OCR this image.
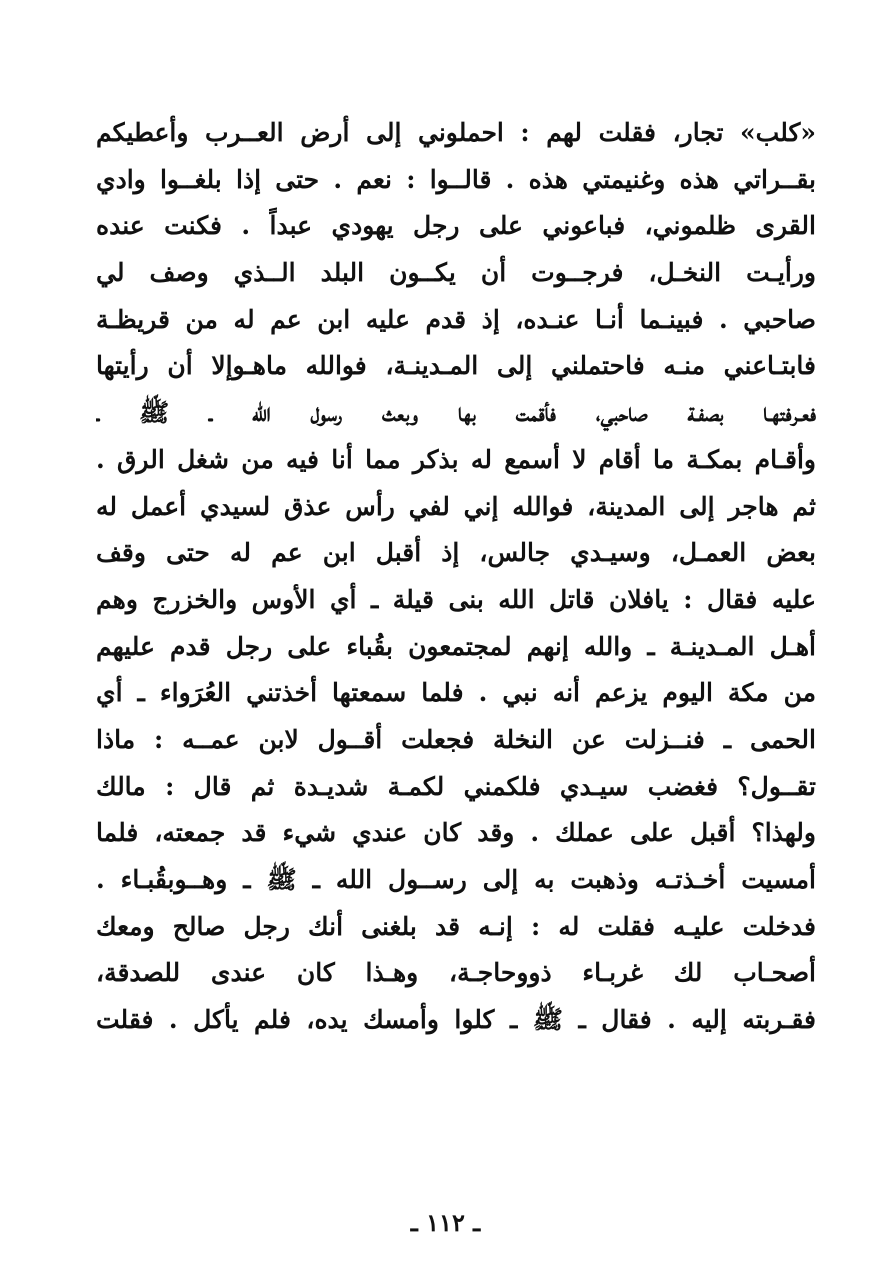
«كلب» تجار، فقلت لهم : احملوني إلى أرض العــرب وأعطيكم
بقــراتي هذه وغنيمتي هذه . قالــوا : نعم . حتى إذا بلغــوا وادي
القرى ظلموني، فباعوني على رجل يهودي عبداً . فكنت عنده
ورأيـت النخـل، فرجــوت أن يكــون البلد الــذي وصف لي
صاحبي . فبينـما أنـا عنـده، إذ قدم عليه ابن عم له من قريظـة
فابتـاعني منـه فاحتملني إلى المـدينـة، فوالله ماهـوإلا أن رأيتها
فعـرفتهـا بصفـة صاحبي، فأقمت بها وبعث رسول الله ـ ﷺ ـ
وأقـام بمكـة ما أقام لا أسمع له بذكر مما أنا فيه من شغل الرق .
ثم هاجر إلى المدينة، فوالله إني لفي رأس عذق لسيدي أعمل له
بعض العمـل، وسيـدي جالس، إذ أقبل ابن عم له حتى وقف
عليه فقال : يافلان قاتل الله بنى قيلة ـ أي الأوس والخزرج وهم
أهـل المـدينـة ـ والله إنهم لمجتمعون بقُباء على رجل قدم عليهم
من مكة اليوم يزعم أنه نبي . فلما سمعتها أخذتني العُرَواء ـ أي
الحمى ـ فنــزلت عن النخلة فجعلت أقــول لابن عمــه : ماذا
تقــول؟ فغضب سيـدي فلكمني لكمـة شديـدة ثم قال : مالك
ولهذا؟ أقبل على عملك . وقد كان عندي شيء قد جمعته، فلما
أمسيت أخـذتـه وذهبت به إلى رســول الله ـ ﷺ ـ وهــوبقُبـاء .
فدخلت عليـه فقلت له : إنـه قد بلغنى أنك رجل صالح ومعك
أصحـاب لك غربـاء ذووحاجـة، وهـذا كان عندى للصدقة،
فقـربته إليه . فقال ـ ﷺ ـ كلوا وأمسك يده، فلم يأكل . فقلت
ـ ١١٢ ـ
